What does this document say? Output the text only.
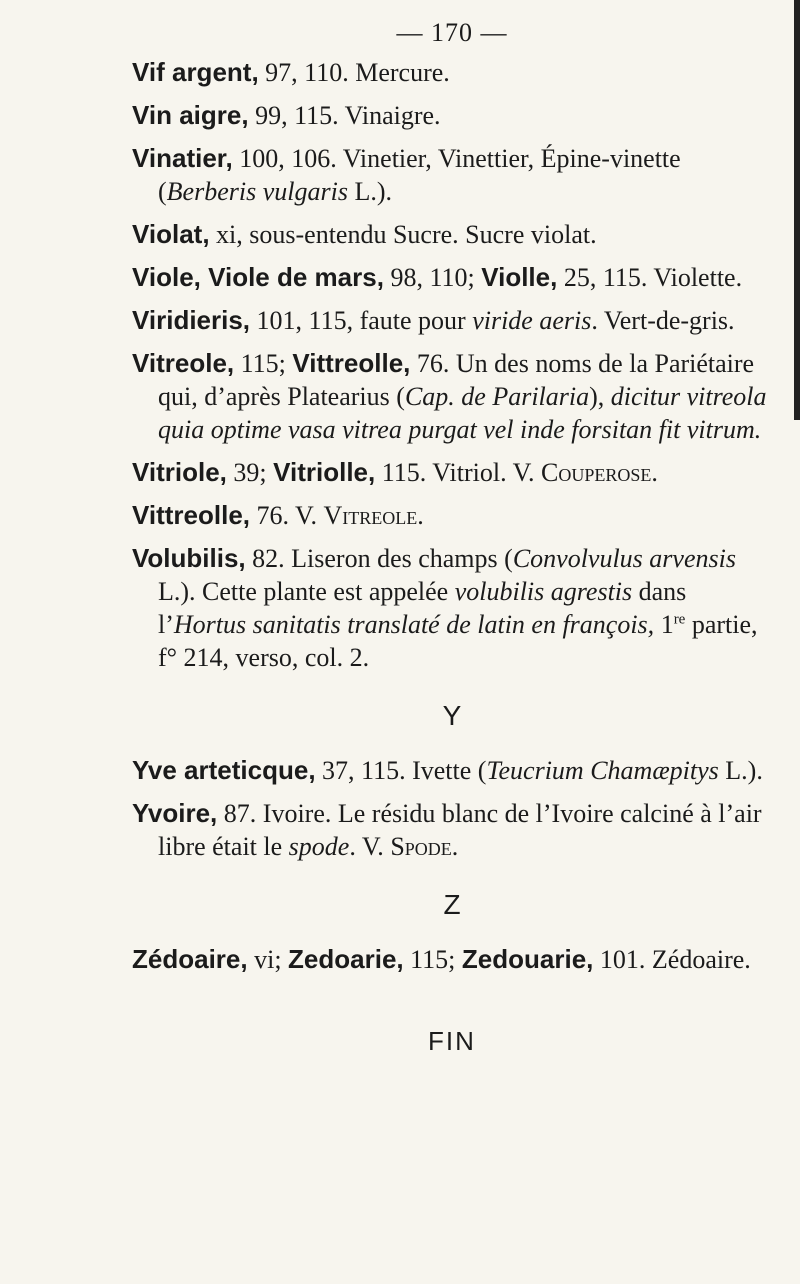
— 170 —

Vif argent, 97, 110. Mercure.

Vin aigre, 99, 115. Vinaigre.

Vinatier, 100, 106. Vinetier, Vinettier, Épine-vinette (Berberis vulgaris L.).

Violat, xi, sous-entendu Sucre. Sucre violat.

Viole, Viole de mars, 98, 110; Violle, 25, 115. Violette.

Viridieris, 101, 115, faute pour viride aeris. Vert-de-gris.

Vitreole, 115; Vittreolle, 76. Un des noms de la Pariétaire qui, d’après Platearius (Cap. de Parilaria), dicitur vitreola quia optime vasa vitrea purgat vel inde forsitan fit vitrum.

Vitriole, 39; Vitriolle, 115. Vitriol. V. Couperose.

Vittreolle, 76. V. Vitreole.

Volubilis, 82. Liseron des champs (Convolvulus arvensis L.). Cette plante est appelée volubilis agrestis dans l’Hortus sanitatis translaté de latin en françois, 1re partie, f° 214, verso, col. 2.

Y

Yve arteticque, 37, 115. Ivette (Teucrium Chamæpitys L.).

Yvoire, 87. Ivoire. Le résidu blanc de l’Ivoire calciné à l’air libre était le spode. V. Spode.

Z

Zédoaire, vi; Zedoarie, 115; Zedouarie, 101. Zédoaire.

FIN
